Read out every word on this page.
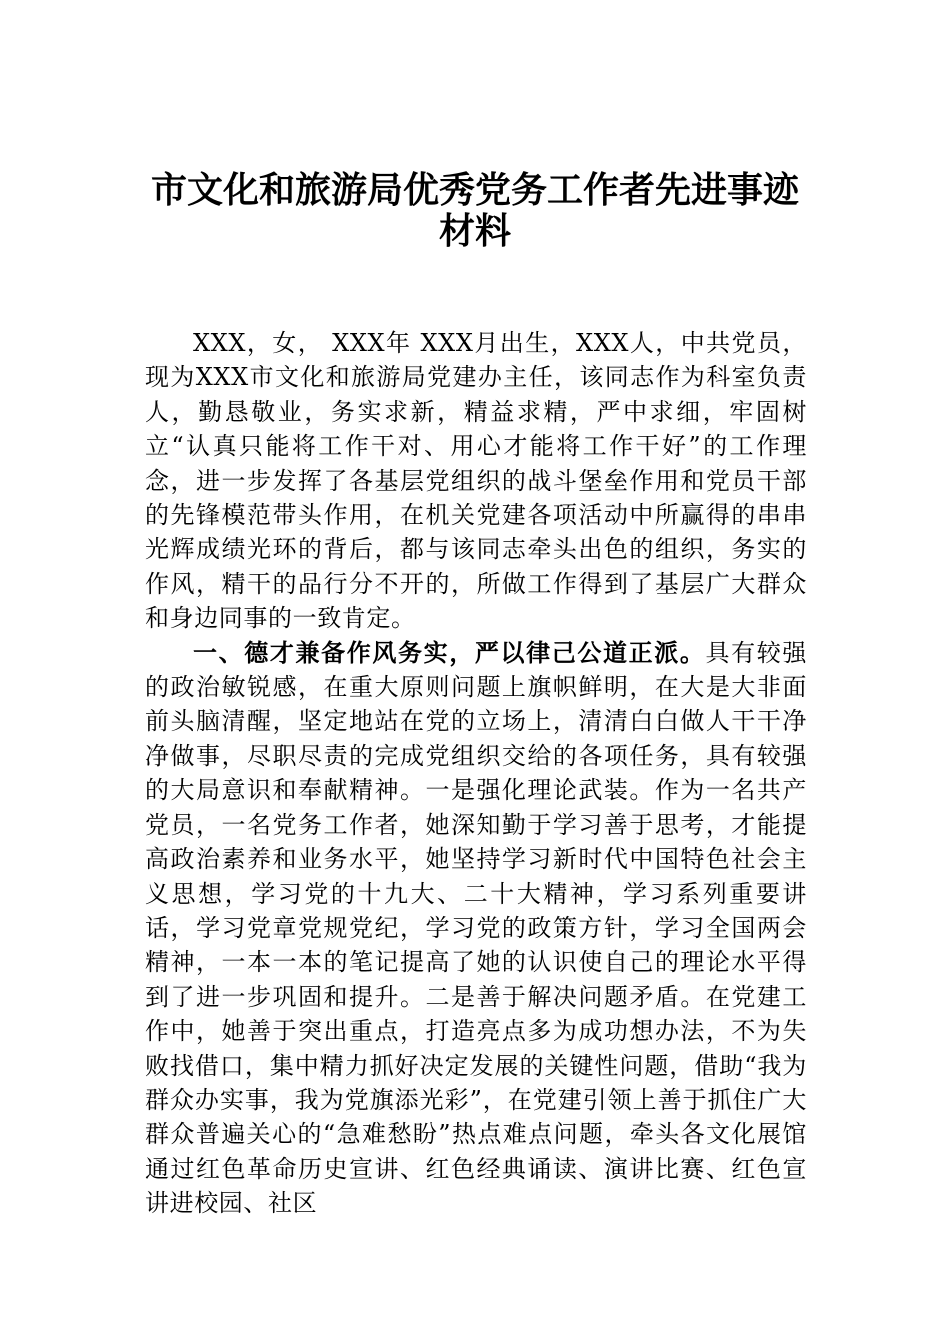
市文化和旅游局优秀党务工作者先进事迹
材料

XXX，女， XXX年 XXX月出生，XXX人，中共党员，现为XXX市文化和旅游局党建办主任，该同志作为科室负责人，勤恳敬业，务实求新，精益求精，严中求细，牢固树立“认真只能将工作干对、用心才能将工作干好”的工作理念，进一步发挥了各基层党组织的战斗堡垒作用和党员干部的先锋模范带头作用，在机关党建各项活动中所赢得的串串光辉成绩光环的背后，都与该同志牵头出色的组织，务实的作风，精干的品行分不开的，所做工作得到了基层广大群众和身边同事的一致肯定。

一、德才兼备作风务实，严以律己公道正派。具有较强的政治敏锐感，在重大原则问题上旗帜鲜明，在大是大非面前头脑清醒，坚定地站在党的立场上，清清白白做人干干净净做事，尽职尽责的完成党组织交给的各项任务，具有较强的大局意识和奉献精神。一是强化理论武装。作为一名共产党员，一名党务工作者，她深知勤于学习善于思考，才能提高政治素养和业务水平，她坚持学习新时代中国特色社会主义思想，学习党的十九大、二十大精神，学习系列重要讲话，学习党章党规党纪，学习党的政策方针，学习全国两会精神，一本一本的笔记提高了她的认识使自己的理论水平得到了进一步巩固和提升。二是善于解决问题矛盾。在党建工作中，她善于突出重点，打造亮点多为成功想办法，不为失败找借口，集中精力抓好决定发展的关键性问题，借助“我为群众办实事，我为党旗添光彩”，在党建引领上善于抓住广大群众普遍关心的“急难愁盼”热点难点问题，牵头各文化展馆通过红色革命历史宣讲、红色经典诵读、演讲比赛、红色宣讲进校园、社区
